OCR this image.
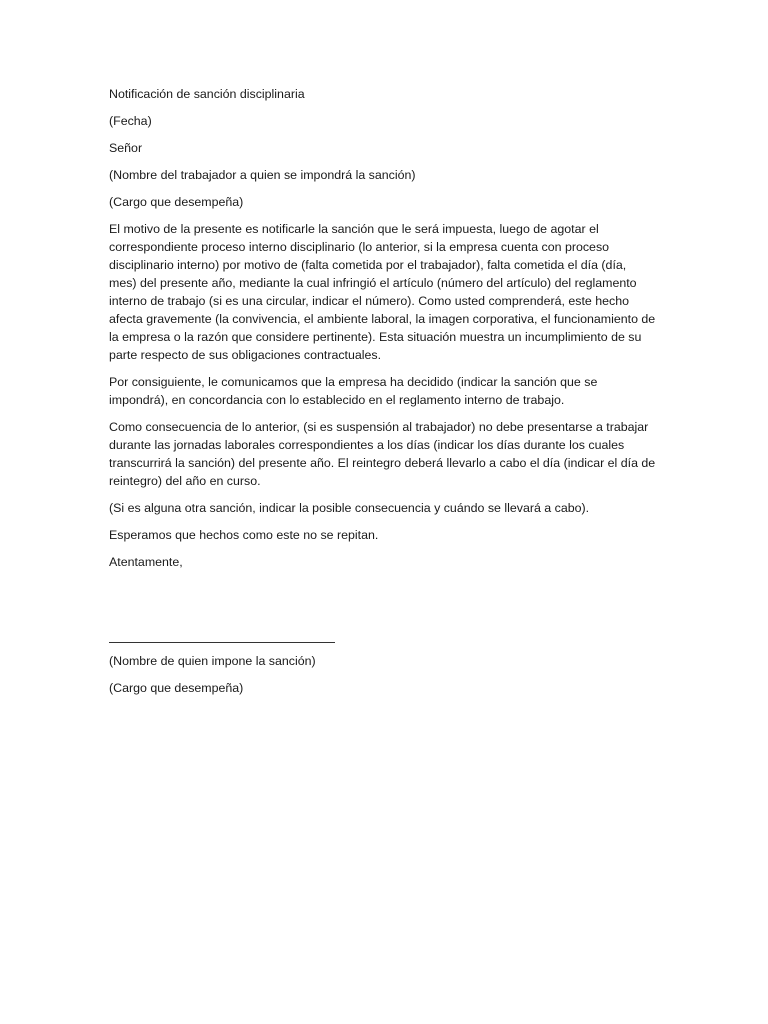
Notificación de sanción disciplinaria

(Fecha)

Señor

(Nombre del trabajador a quien se impondrá la sanción)

(Cargo que desempeña)

El motivo de la presente es notificarle la sanción que le será impuesta, luego de agotar el correspondiente proceso interno disciplinario (lo anterior, si la empresa cuenta con proceso disciplinario interno) por motivo de (falta cometida por el trabajador), falta cometida el día (día, mes) del presente año, mediante la cual infringió el artículo (número del artículo) del reglamento interno de trabajo (si es una circular, indicar el número). Como usted comprenderá, este hecho afecta gravemente (la convivencia, el ambiente laboral, la imagen corporativa, el funcionamiento de la empresa o la razón que considere pertinente). Esta situación muestra un incumplimiento de su parte respecto de sus obligaciones contractuales.

Por consiguiente, le comunicamos que la empresa ha decidido (indicar la sanción que se impondrá), en concordancia con lo establecido en el reglamento interno de trabajo.

Como consecuencia de lo anterior, (si es suspensión al trabajador) no debe presentarse a trabajar durante las jornadas laborales correspondientes a los días (indicar los días durante los cuales transcurrirá la sanción) del presente año. El reintegro deberá llevarlo a cabo el día (indicar el día de reintegro) del año en curso.

(Si es alguna otra sanción, indicar la posible consecuencia y cuándo se llevará a cabo).

Esperamos que hechos como este no se repitan.

Atentamente,

(Nombre de quien impone la sanción)

(Cargo que desempeña)
